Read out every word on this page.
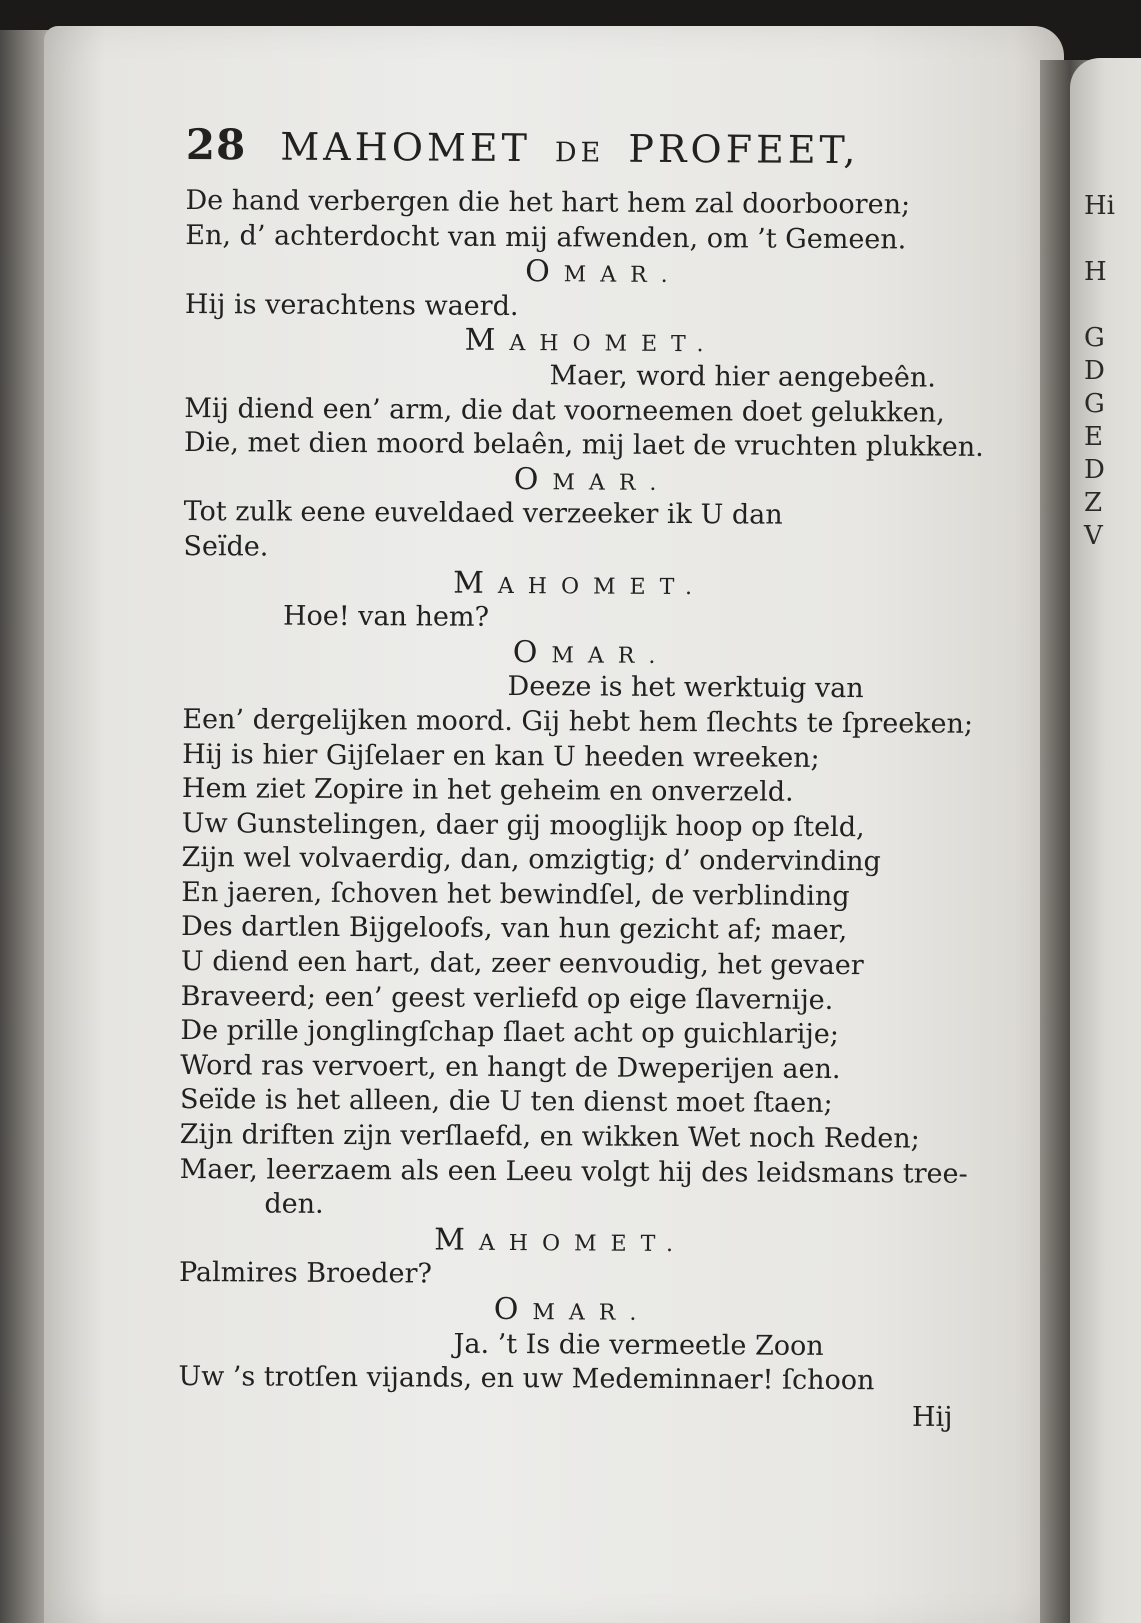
Hi
H
G
D
G
E
D
Z
V
28 MAHOMET DE PROFEET,
De hand verbergen die het hart hem zal doorbooren;
En, d’ achterdocht van mij afwenden, om ’t Gemeen.
OMAR.
Hij is verachtens waerd.
MAHOMET.
Maer, word hier aengebeên.
Mij diend een’ arm, die dat voorneemen doet gelukken,
Die, met dien moord belaên, mij laet de vruchten plukken.
OMAR.
Tot zulk eene euveldaed verzeeker ik U dan
Seïde.
MAHOMET.
Hoe! van hem?
OMAR.
Deeze is het werktuig van
Een’ dergelijken moord. Gij hebt hem ſlechts te ſpreeken;
Hij is hier Gijſelaer en kan U heeden wreeken;
Hem ziet Zopire in het geheim en onverzeld.
Uw Gunstelingen, daer gij mooglijk hoop op ſteld,
Zijn wel volvaerdig, dan, omzigtig; d’ ondervinding
En jaeren, ſchoven het bewindſel, de verblinding
Des dartlen Bijgeloofs, van hun gezicht af; maer,
U diend een hart, dat, zeer eenvoudig, het gevaer
Braveerd; een’ geest verliefd op eige ſlavernije.
De prille jonglingſchap ſlaet acht op guichlarije;
Word ras vervoert, en hangt de Dweperijen aen.
Seïde is het alleen, die U ten dienst moet ſtaen;
Zijn driften zijn verſlaefd, en wikken Wet noch Reden;
Maer, leerzaem als een Leeu volgt hij des leidsmans tree-
den.
MAHOMET.
Palmires Broeder?
OMAR.
Ja. ’t Is die vermeetle Zoon
Uw ’s trotſen vijands, en uw Medeminnaer! ſchoon
Hij
